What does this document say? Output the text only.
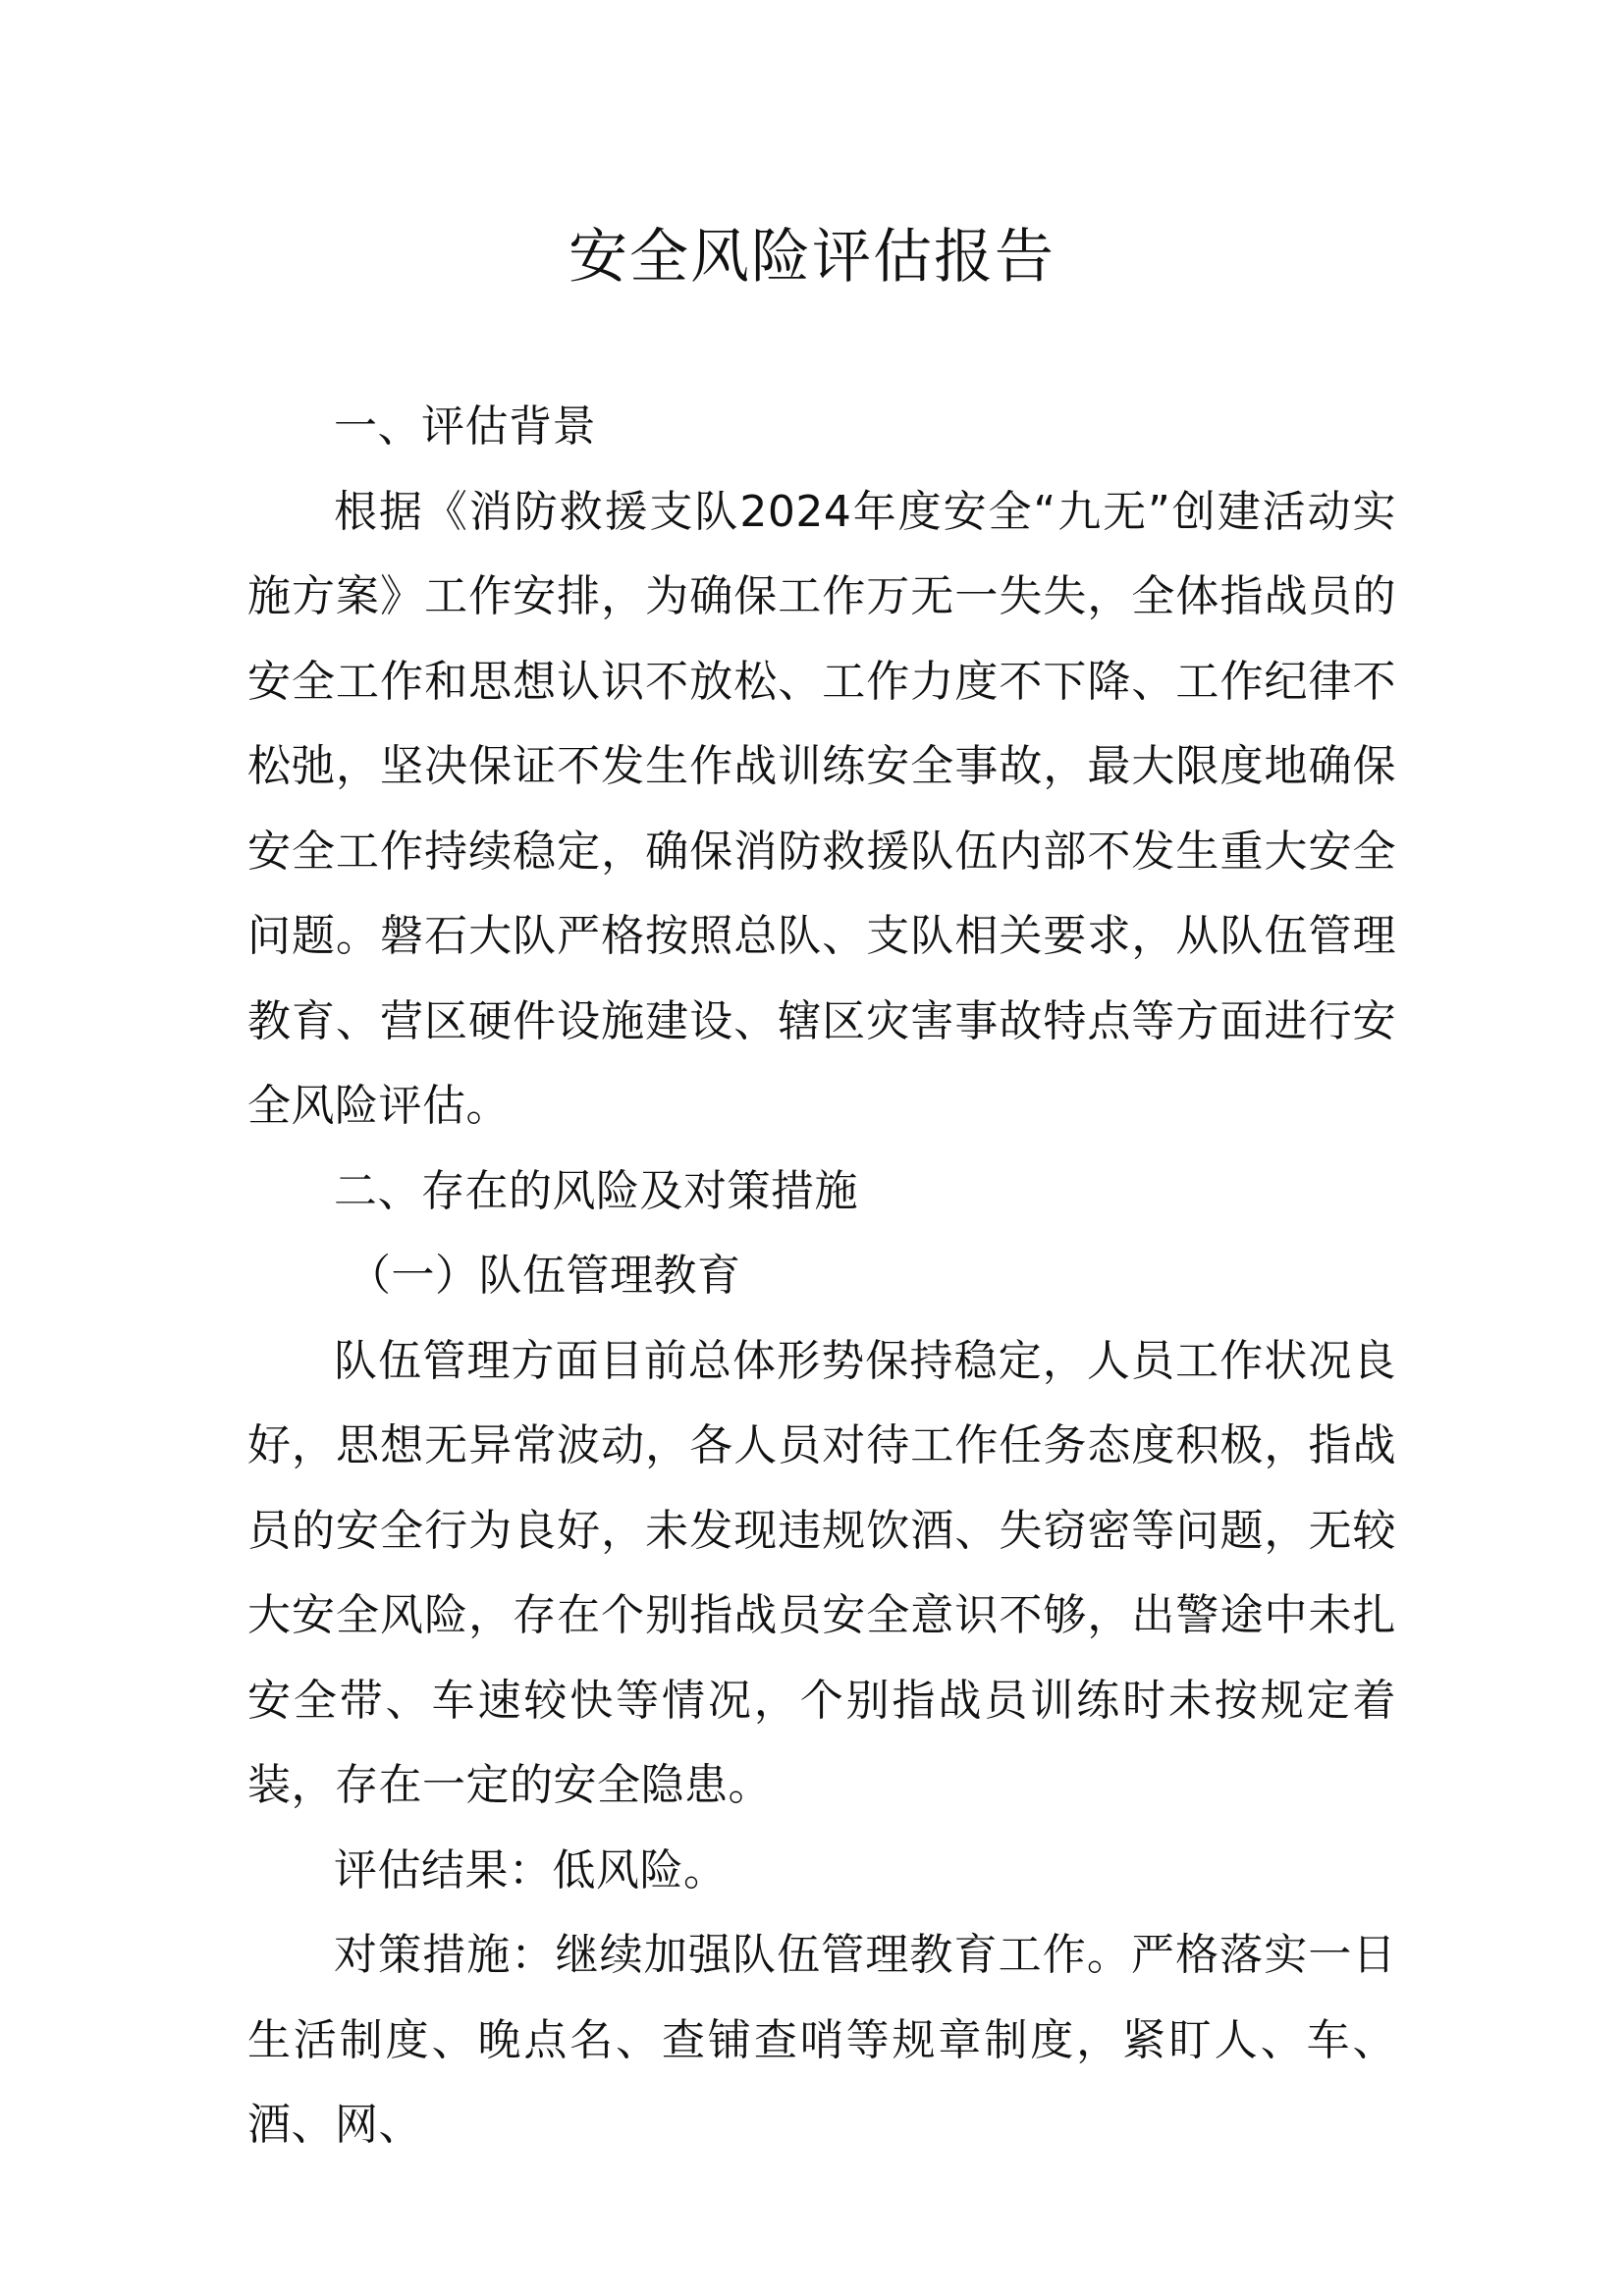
安全风险评估报告

一、评估背景

根据《消防救援支队2024年度安全“九无”创建活动实施方案》工作安排，为确保工作万无一失失，全体指战员的安全工作和思想认识不放松、工作力度不下降、工作纪律不松弛，坚决保证不发生作战训练安全事故，最大限度地确保安全工作持续稳定，确保消防救援队伍内部不发生重大安全问题。磐石大队严格按照总队、支队相关要求，从队伍管理教育、营区硬件设施建设、辖区灾害事故特点等方面进行安全风险评估。

二、存在的风险及对策措施

（一）队伍管理教育

队伍管理方面目前总体形势保持稳定，人员工作状况良好，思想无异常波动，各人员对待工作任务态度积极，指战员的安全行为良好，未发现违规饮酒、失窃密等问题，无较大安全风险，存在个别指战员安全意识不够，出警途中未扎安全带、车速较快等情况，个别指战员训练时未按规定着装，存在一定的安全隐患。

评估结果：低风险。

对策措施：继续加强队伍管理教育工作。严格落实一日生活制度、晚点名、查铺查哨等规章制度，紧盯人、车、酒、网、
